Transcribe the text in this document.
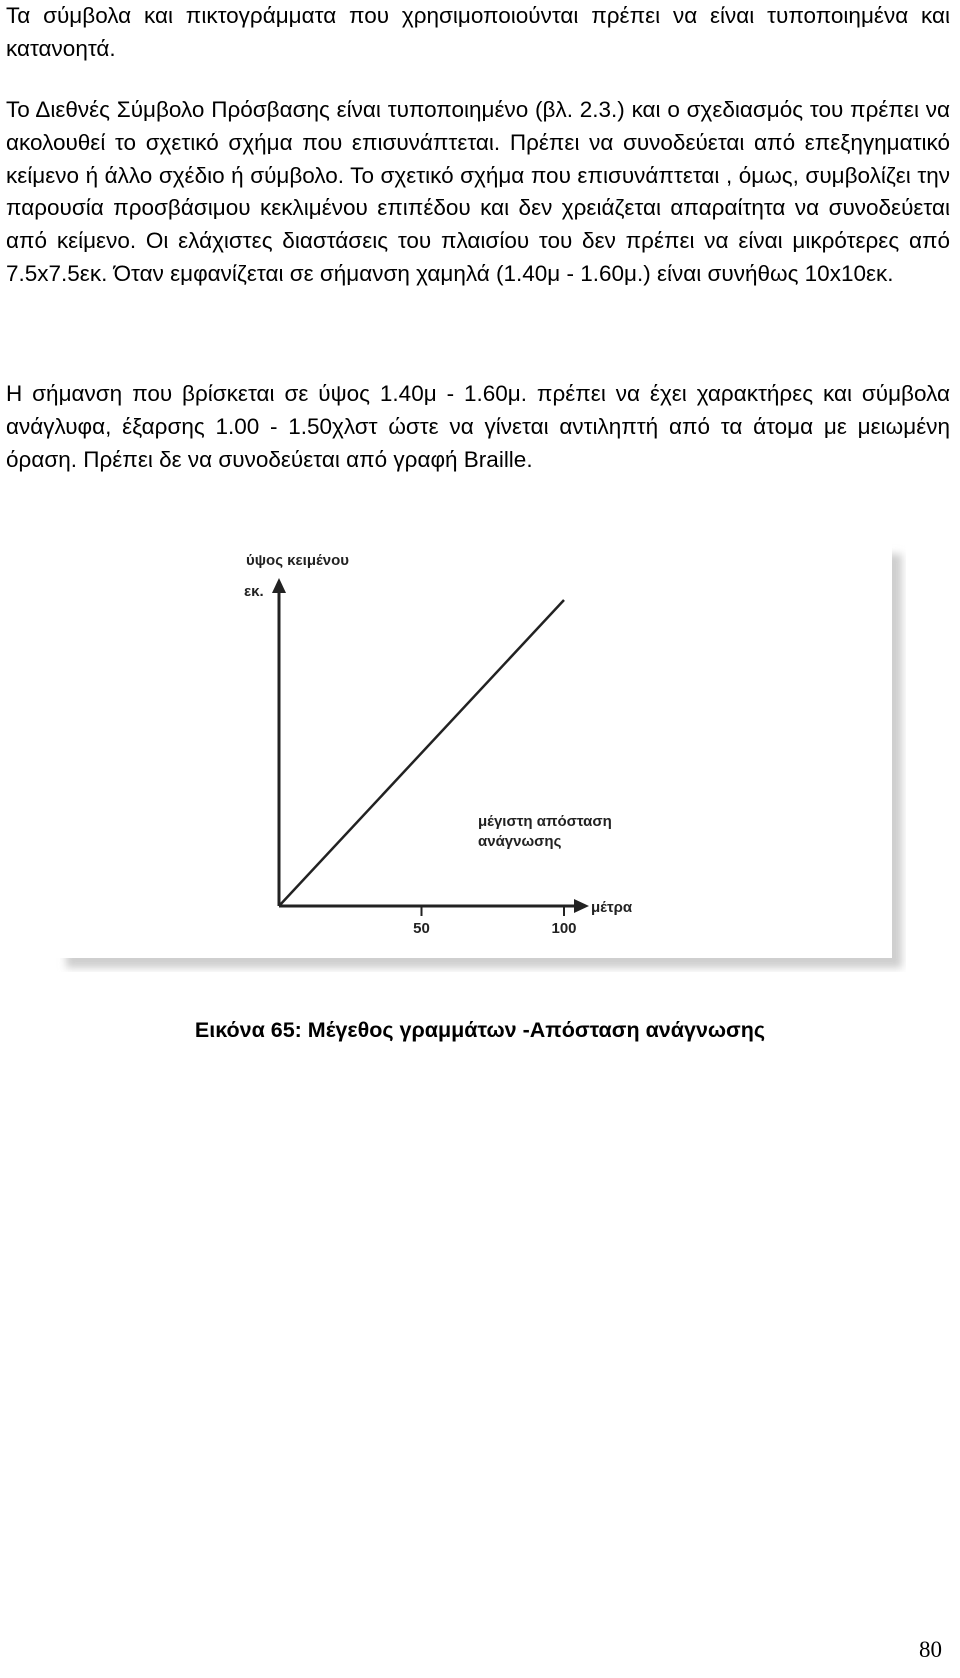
Τα σύμβολα και πικτογράμματα που χρησιμοποιούνται πρέπει να είναι τυποποιημένα και κατανοητά.

Το Διεθνές Σύμβολο Πρόσβασης είναι τυποποιημένο (βλ. 2.3.) και ο σχεδιασμός του πρέπει να ακολουθεί το σχετικό σχήμα που επισυνάπτεται. Πρέπει να συνοδεύεται από επεξηγηματικό κείμενο ή άλλο σχέδιο ή σύμβολο. Το σχετικό σχήμα που επισυνάπτεται , όμως, συμβολίζει την παρουσία προσβάσιμου κεκλιμένου επιπέδου και δεν χρειάζεται απαραίτητα να συνοδεύεται από κείμενο. Οι ελάχιστες διαστάσεις του πλαισίου του δεν πρέπει να είναι μικρότερες από 7.5x7.5εκ. Όταν εμφανίζεται σε σήμανση χαμηλά (1.40μ - 1.60μ.) είναι συνήθως 10x10εκ.

Η σήμανση που βρίσκεται σε ύψος 1.40μ - 1.60μ. πρέπει να έχει χαρακτήρες και σύμβολα ανάγλυφα, έξαρσης 1.00 - 1.50χλστ ώστε να γίνεται αντιληπτή από τα άτομα με μειωμένη όραση. Πρέπει δε να συνοδεύεται από γραφή Braille.

ύψος κειμένου
εκ.
50	100
μέτρα
μέγιστη απόσταση ανάγνωσης

Εικόνα 65: Μέγεθος γραμμάτων -Απόσταση ανάγνωσης

80
